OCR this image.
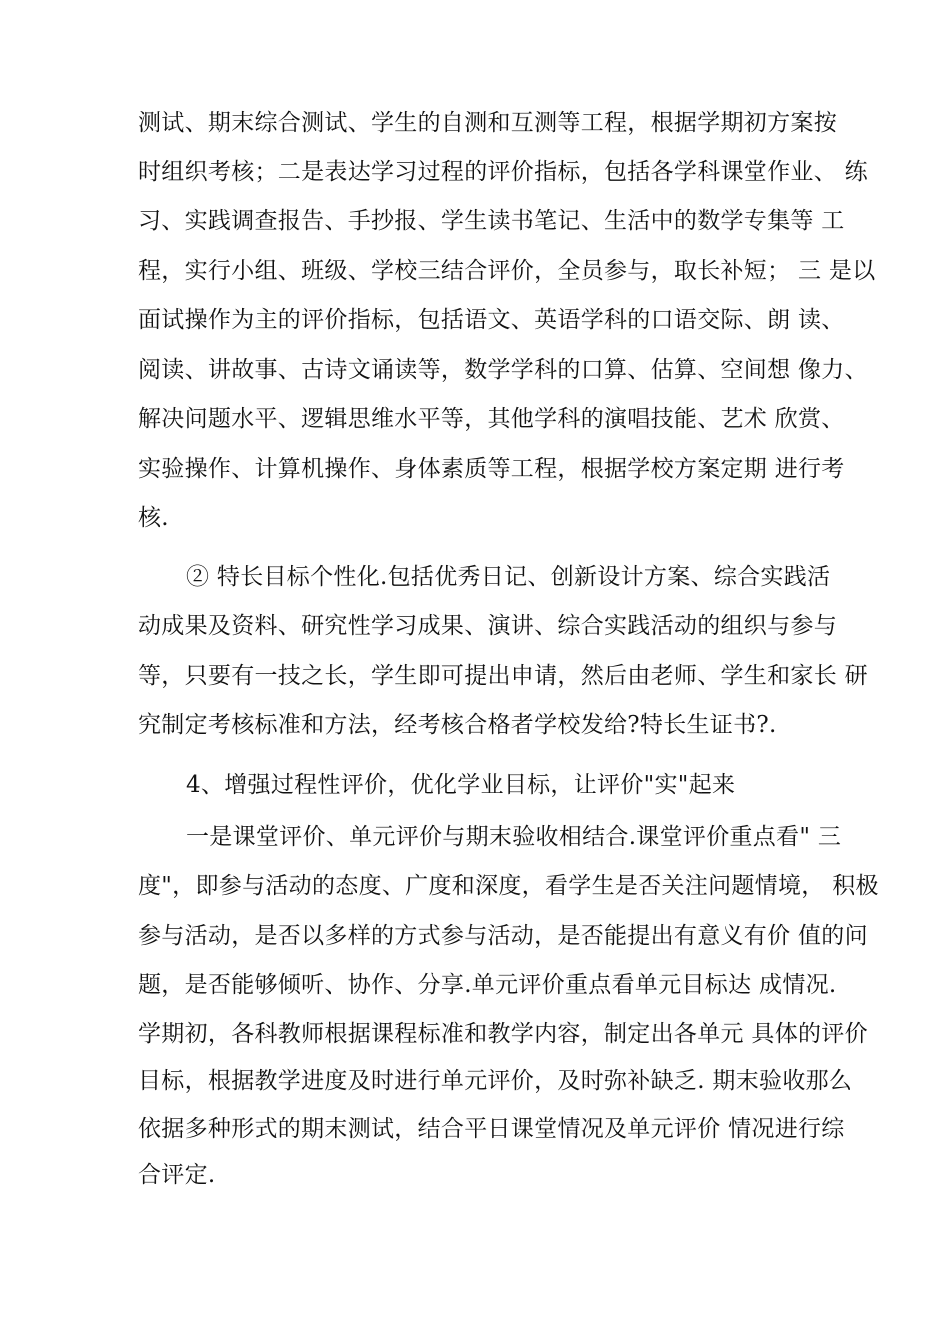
测试、期末综合测试、学生的自测和互测等工程，根据学期初方案按
时组织考核；二是表达学习过程的评价指标，包括各学科课堂作业、 练
习、实践调查报告、手抄报、学生读书笔记、生活中的数学专集等 工
程，实行小组、班级、学校三结合评价，全员参与，取长补短； 三 是以
面试操作为主的评价指标，包括语文、英语学科的口语交际、朗 读、
阅读、讲故事、古诗文诵读等，数学学科的口算、估算、空间想 像力、
解决问题水平、逻辑思维水平等，其他学科的演唱技能、艺术 欣赏、
实验操作、计算机操作、身体素质等工程，根据学校方案定期 进行考
核.
② 特长目标个性化.包括优秀日记、创新设计方案、综合实践活
动成果及资料、研究性学习成果、演讲、综合实践活动的组织与参与
等，只要有一技之长，学生即可提出申请，然后由老师、学生和家长 研
究制定考核标准和方法，经考核合格者学校发给?特长生证书?.
4、增强过程性评价，优化学业目标，让评价"实"起来
一是课堂评价、单元评价与期末验收相结合.课堂评价重点看" 三
度"，即参与活动的态度、广度和深度，看学生是否关注问题情境， 积极
参与活动，是否以多样的方式参与活动，是否能提出有意义有价 值的问
题，是否能够倾听、协作、分享.单元评价重点看单元目标达 成情况.
学期初，各科教师根据课程标准和教学内容，制定出各单元 具体的评价
目标，根据教学进度及时进行单元评价，及时弥补缺乏. 期末验收那么
依据多种形式的期末测试，结合平日课堂情况及单元评价 情况进行综
合评定.
